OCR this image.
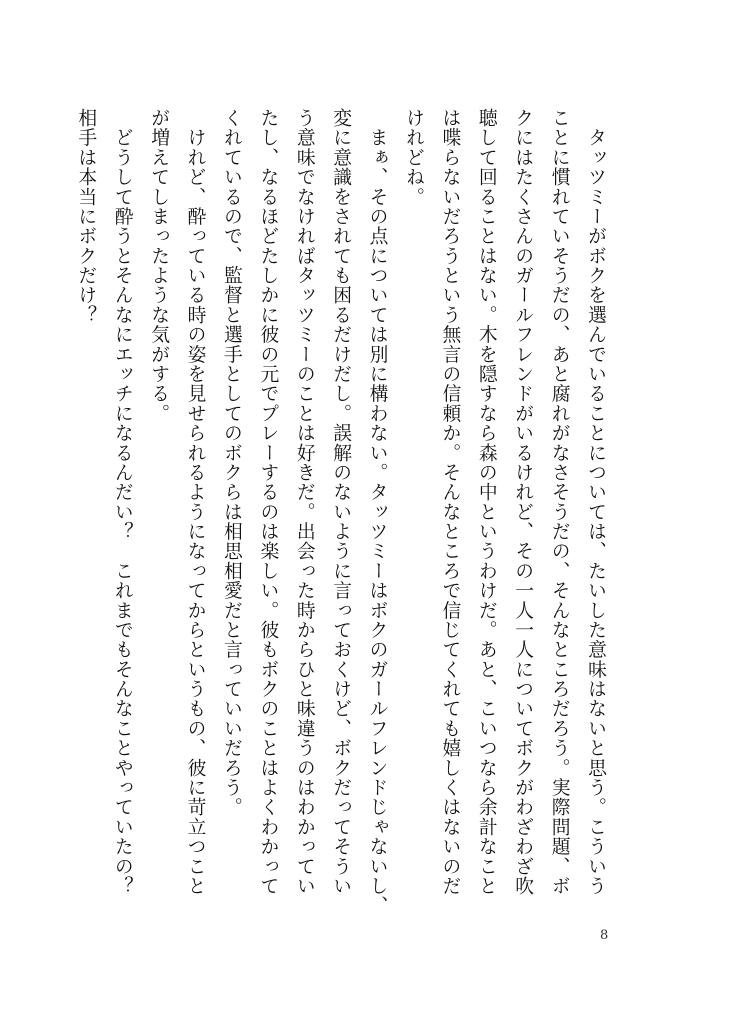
　タッツミーがボクを選んでいることについては、たいした意味はないと思う。こういう
ことに慣れていそうだの、あと腐れがなさそうだの、そんなところだろう。実際問題、ボ
クにはたくさんのガールフレンドがいるけれど、その一人一人についてボクがわざわざ吹
聴して回ることはない。木を隠すなら森の中というわけだ。あと、こいつなら余計なこと
は喋らないだろうという無言の信頼か。そんなところで信じてくれても嬉しくはないのだ
けれどね。
　まぁ、その点については別に構わない。タッツミーはボクのガールフレンドじゃないし、
変に意識をされても困るだけだし。誤解のないように言っておくけど、ボクだってそうい
う意味でなければタッツミーのことは好きだ。出会った時からひと味違うのはわかってい
たし、なるほどたしかに彼の元でプレーするのは楽しい。彼もボクのことはよくわかって
くれているので、監督と選手としてのボクらは相思相愛だと言っていいだろう。
　けれど、酔っている時の姿を見せられるようになってからというもの、彼に苛立つこと
が増えてしまったような気がする。
　どうして酔うとそんなにエッチになるんだい？　これまでもそんなことやっていたの？
相手は本当にボクだけ？
8
